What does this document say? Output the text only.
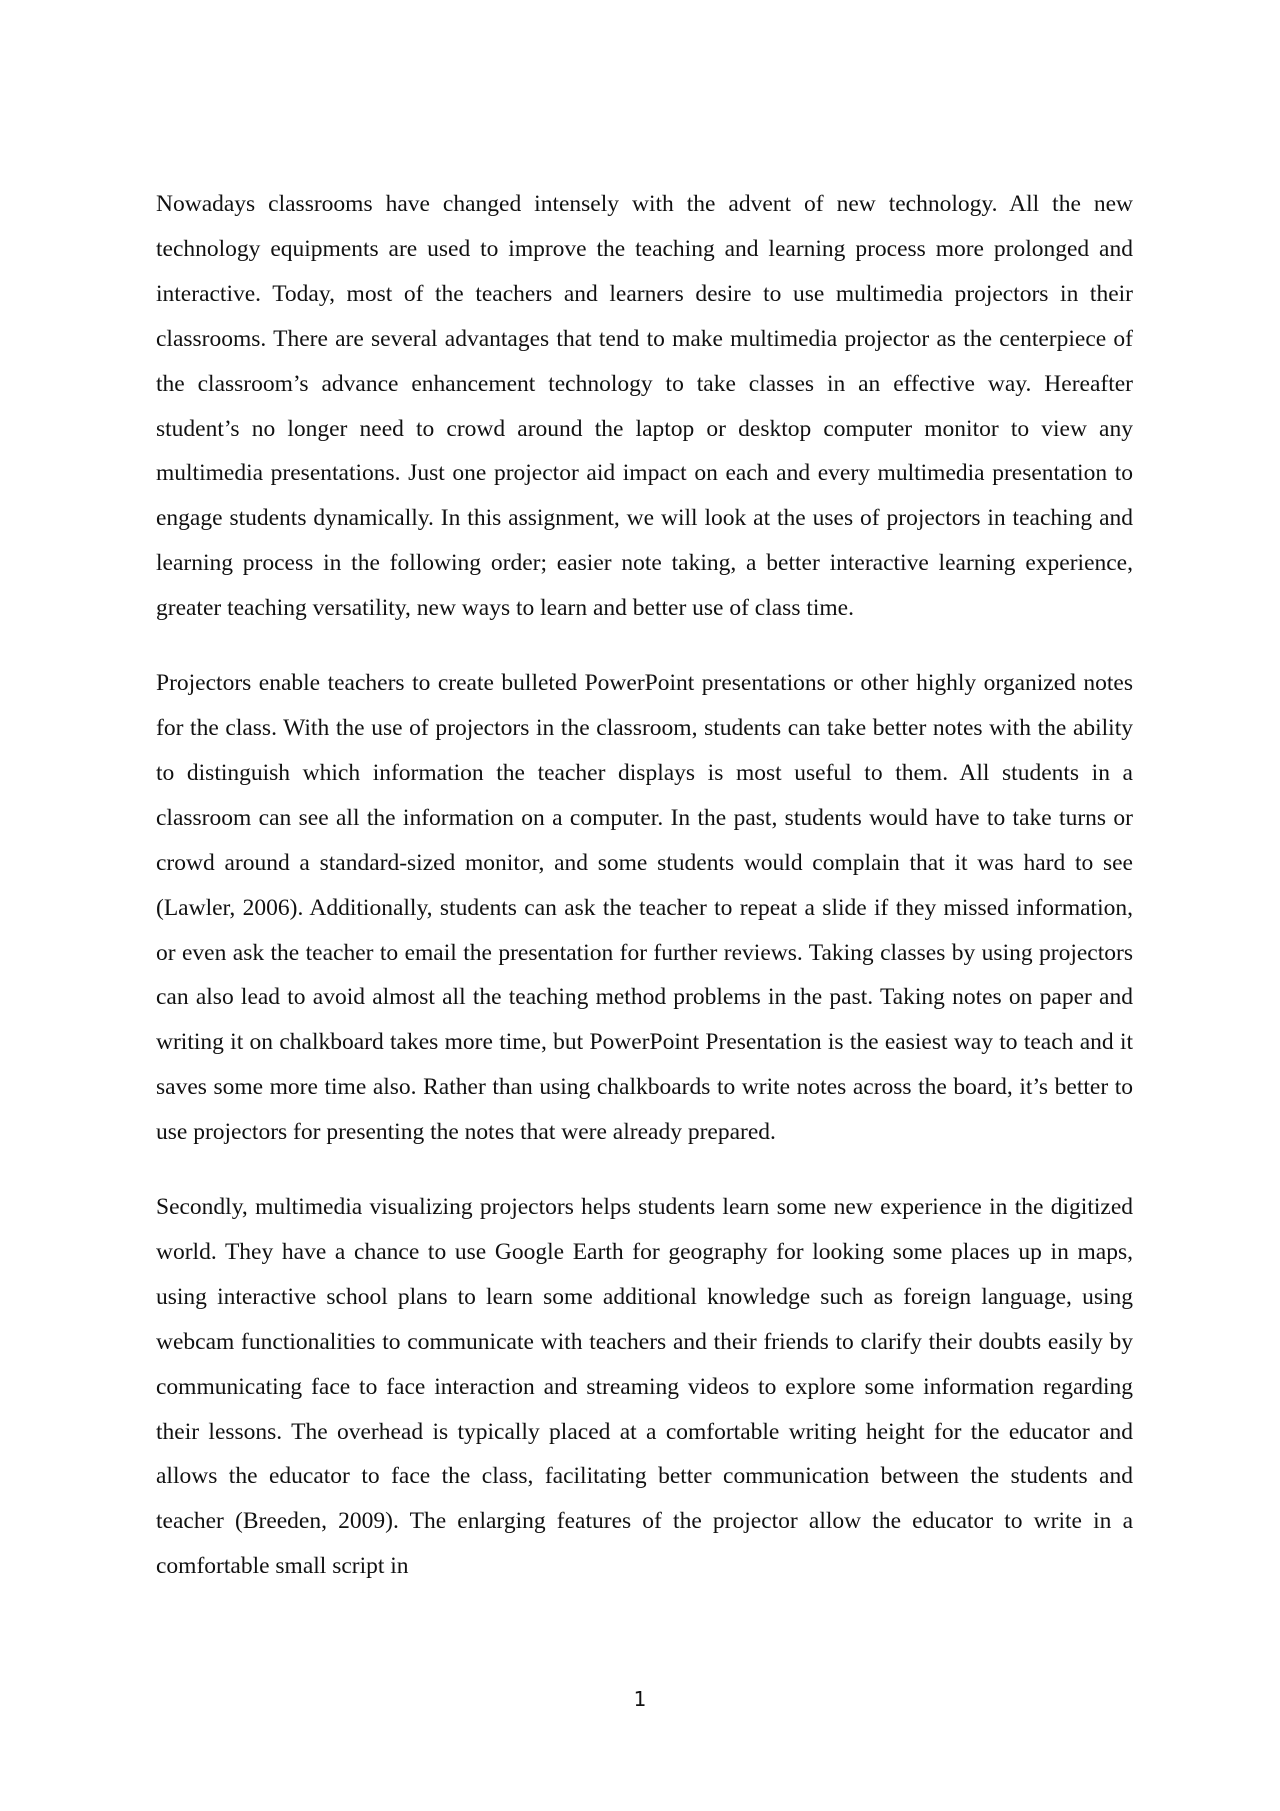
Nowadays classrooms have changed intensely with the advent of new technology. All the new technology equipments are used to improve the teaching and learning process more prolonged and interactive. Today, most of the teachers and learners desire to use multimedia projectors in their classrooms. There are several advantages that tend to make multimedia projector as the centerpiece of the classroom’s advance enhancement technology to take classes in an effective way. Hereafter student’s no longer need to crowd around the laptop or desktop computer monitor to view any multimedia presentations. Just one projector aid impact on each and every multimedia presentation to engage students dynamically. In this assignment, we will look at the uses of projectors in teaching and learning process in the following order; easier note taking, a better interactive learning experience, greater teaching versatility, new ways to learn and better use of class time.

Projectors enable teachers to create bulleted PowerPoint presentations or other highly organized notes for the class. With the use of projectors in the classroom, students can take better notes with the ability to distinguish which information the teacher displays is most useful to them. All students in a classroom can see all the information on a computer. In the past, students would have to take turns or crowd around a standard-sized monitor, and some students would complain that it was hard to see (Lawler, 2006). Additionally, students can ask the teacher to repeat a slide if they missed information, or even ask the teacher to email the presentation for further reviews. Taking classes by using projectors can also lead to avoid almost all the teaching method problems in the past. Taking notes on paper and writing it on chalkboard takes more time, but PowerPoint Presentation is the easiest way to teach and it saves some more time also. Rather than using chalkboards to write notes across the board, it’s better to use projectors for presenting the notes that were already prepared.

Secondly, multimedia visualizing projectors helps students learn some new experience in the digitized world. They have a chance to use Google Earth for geography for looking some places up in maps, using interactive school plans to learn some additional knowledge such as foreign language, using webcam functionalities to communicate with teachers and their friends to clarify their doubts easily by communicating face to face interaction and streaming videos to explore some information regarding their lessons. The overhead is typically placed at a comfortable writing height for the educator and allows the educator to face the class, facilitating better communication between the students and teacher (Breeden, 2009). The enlarging features of the projector allow the educator to write in a comfortable small script in

1
